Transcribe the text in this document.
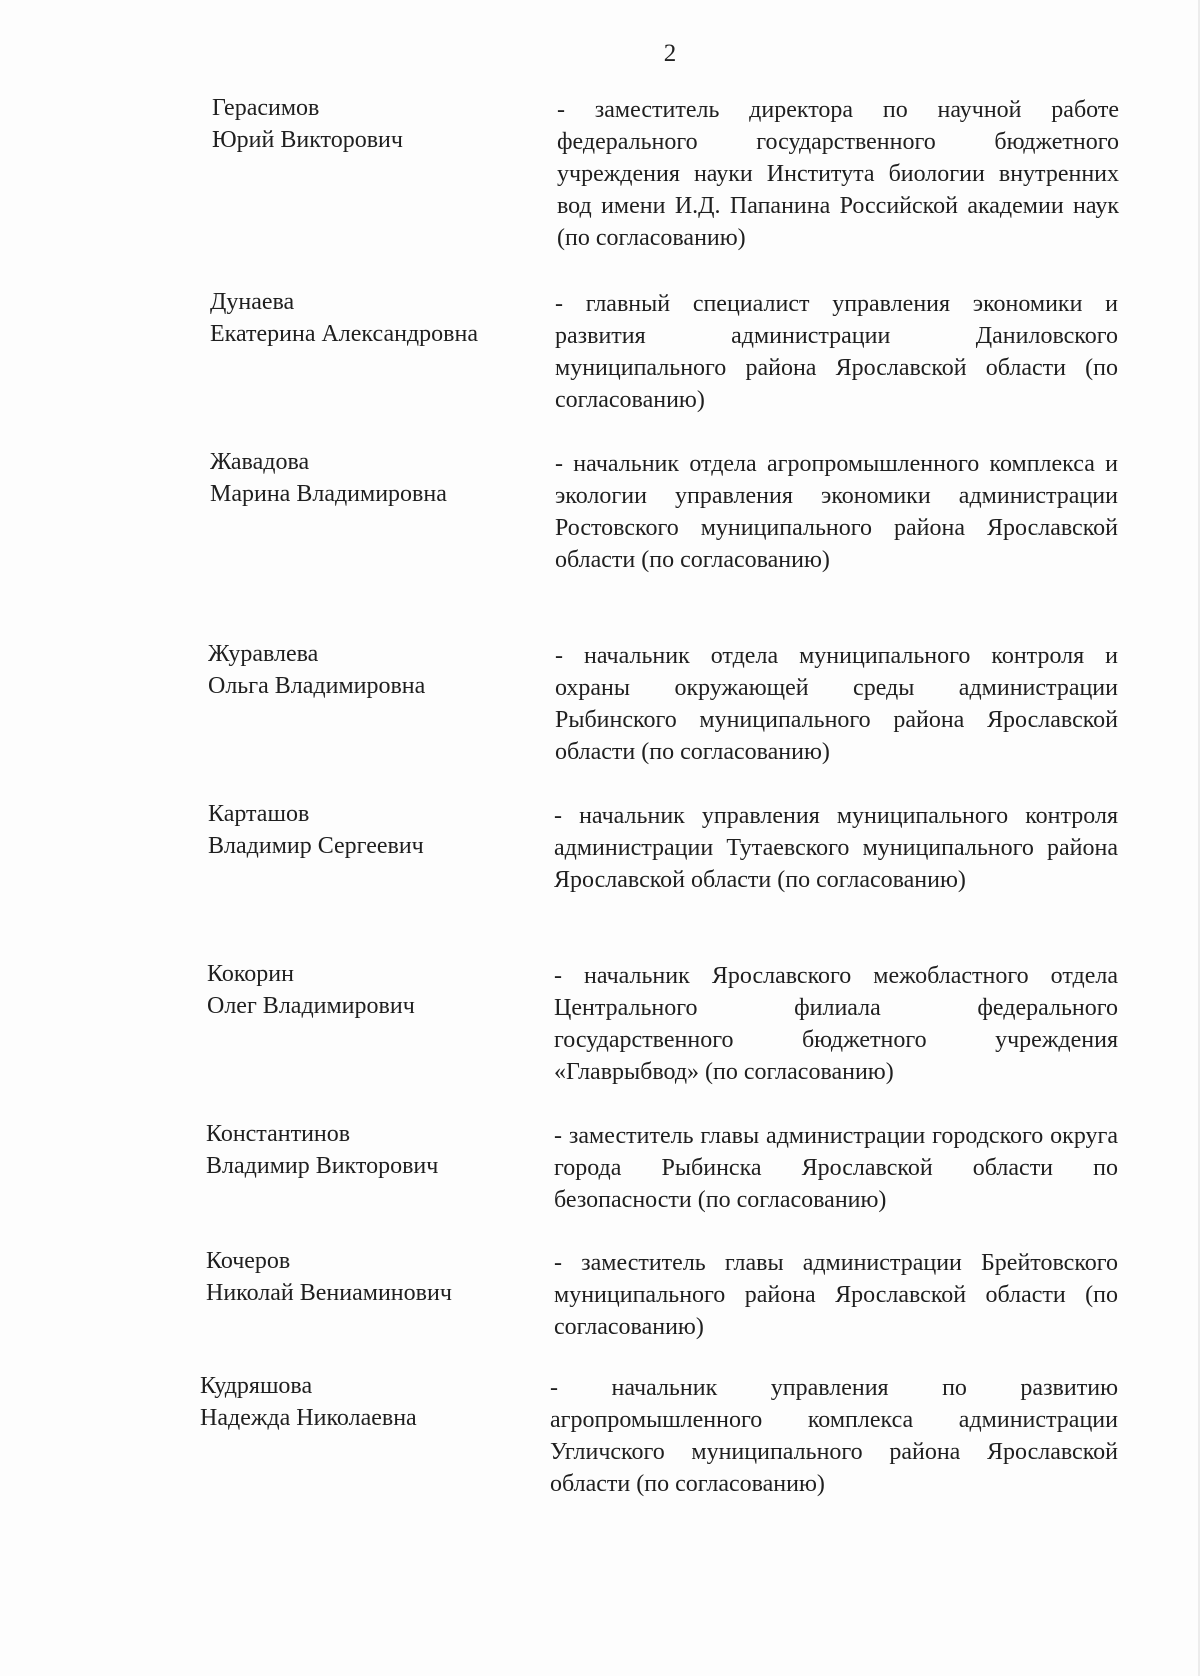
2
Герасимов
Юрий Викторович
- заместитель директора по научной работе федерального государственного бюджетного учреждения науки Института биологии внутренних вод имени И.Д. Папанина Российской академии наук (по согласованию)
Дунаева
Екатерина Александровна
- главный специалист управления экономики и развития администрации Даниловского муниципального района Ярославской области (по согласованию)
Жавадова
Марина Владимировна
- начальник отдела агропромышленного комплекса и экологии управления экономики администрации Ростовского муниципального района Ярославской области (по согласованию)
Журавлева
Ольга Владимировна
- начальник отдела муниципального контроля и охраны окружающей среды администрации Рыбинского муниципального района Ярославской области (по согласованию)
Карташов
Владимир Сергеевич
- начальник управления муниципального контроля администрации Тутаевского муниципального района Ярославской области (по согласованию)
Кокорин
Олег Владимирович
- начальник Ярославского межобластного отдела Центрального филиала федерального государственного бюджетного учреждения «Главрыбвод» (по согласованию)
Константинов
Владимир Викторович
- заместитель главы администрации городского округа города Рыбинска Ярославской области по безопасности (по согласованию)
Кочеров
Николай Вениаминович
- заместитель главы администрации Брейтовского муниципального района Ярославской области (по согласованию)
Кудряшова
Надежда Николаевна
- начальник управления по развитию агропромышленного комплекса администрации Угличского муниципального района Ярославской области (по согласованию)
